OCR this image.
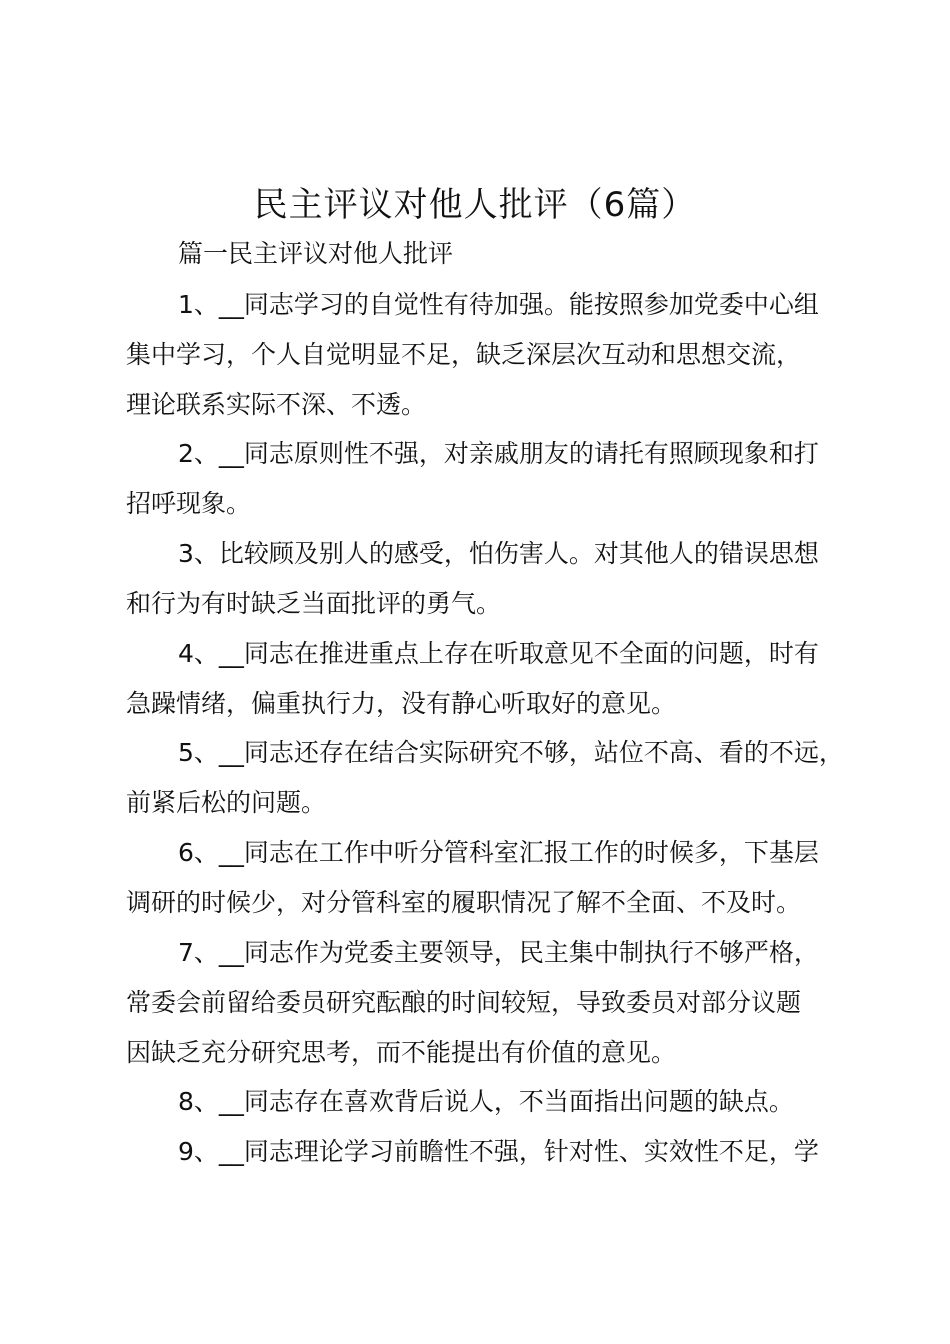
民主评议对他人批评（6篇）

篇一民主评议对他人批评

1、__同志学习的自觉性有待加强。能按照参加党委中心组
集中学习，个人自觉明显不足，缺乏深层次互动和思想交流，
理论联系实际不深、不透。

2、__同志原则性不强，对亲戚朋友的请托有照顾现象和打
招呼现象。

3、比较顾及别人的感受，怕伤害人。对其他人的错误思想
和行为有时缺乏当面批评的勇气。

4、__同志在推进重点上存在听取意见不全面的问题，时有
急躁情绪，偏重执行力，没有静心听取好的意见。

5、__同志还存在结合实际研究不够，站位不高、看的不远，
前紧后松的问题。

6、__同志在工作中听分管科室汇报工作的时候多，下基层
调研的时候少，对分管科室的履职情况了解不全面、不及时。

7、__同志作为党委主要领导，民主集中制执行不够严格，
常委会前留给委员研究酝酿的时间较短，导致委员对部分议题
因缺乏充分研究思考，而不能提出有价值的意见。

8、__同志存在喜欢背后说人，不当面指出问题的缺点。

9、__同志理论学习前瞻性不强，针对性、实效性不足，学
